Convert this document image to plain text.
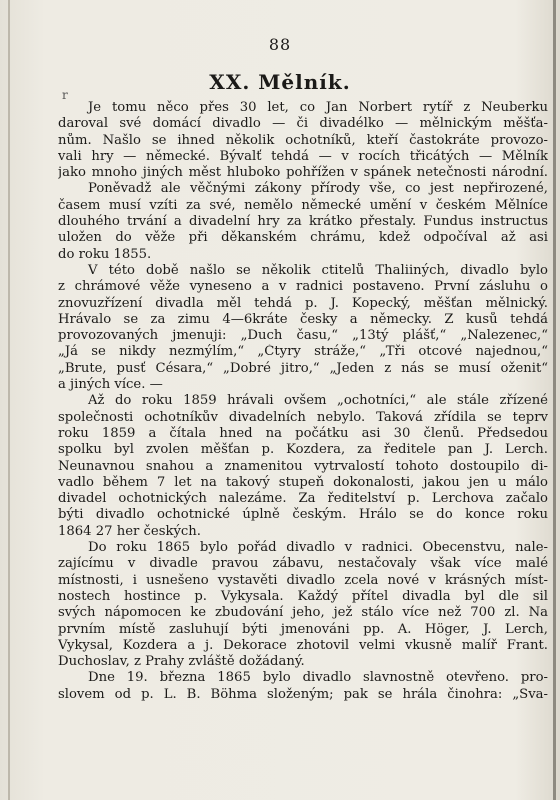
88
r
XX. Mělník.
Je tomu něco přes 30 let, co Jan Norbert rytíř z Neuberku
daroval své domácí divadlo — či divadélko — mělnickým měšťa-
nům. Našlo se ihned několik ochotníků, kteří častokráte provozo-
vali hry — německé. Bývalť tehdá — v rocích třicátých — Mělník
jako mnoho jiných měst hluboko pohřížen v spánek netečnosti národní.
Poněvadž ale věčnými zákony přírody vše, co jest nepřirozené,
časem musí vzíti za své, nemělo německé umění v českém Mělníce
dlouhého trvání a divadelní hry za krátko přestaly. Fundus instructus
uložen do věže při děkanském chrámu, kdež odpočíval až asi
do roku 1855.
V této době našlo se několik ctitelů Thaliiných, divadlo bylo
z chrámové věže vyneseno a v radnici postaveno. První zásluhu o
znovuzřízení divadla měl tehdá p. J. Kopecký, měšťan mělnický.
Hrávalo se za zimu 4—6kráte česky a německy. Z kusů tehdá
provozovaných jmenuji: „Duch času,“ „13tý plášť,“ „Nalezenec,“
„Já se nikdy nezmýlím,“ „Čtyry stráže,“ „Tři otcové najednou,“
„Brute, pusť Césara,“ „Dobré jitro,“ „Jeden z nás se musí oženit“
a jiných více. —
Až do roku 1859 hrávali ovšem „ochotníci,“ ale stále zřízené
společnosti ochotníkův divadelních nebylo. Taková zřídila se teprv
roku 1859 a čítala hned na počátku asi 30 členů. Předsedou
spolku byl zvolen měšťan p. Kozdera, za ředitele pan J. Lerch.
Neunavnou snahou a znamenitou vytrvalostí tohoto dostoupilo di-
vadlo během 7 let na takový stupeň dokonalosti, jakou jen u málo
divadel ochotnických nalezáme. Za ředitelství p. Lerchova začalo
býti divadlo ochotnické úplně českým. Hrálo se do konce roku
1864 27 her českých.
Do roku 1865 bylo pořád divadlo v radnici. Obecenstvu, nale-
zajícímu v divadle pravou zábavu, nestačovaly však více malé
místnosti, i usnešeno vystavěti divadlo zcela nové v krásných míst-
nostech hostince p. Vykysala. Každý přítel divadla byl dle sil
svých nápomocen ke zbudování jeho, jež stálo více než 700 zl. Na
prvním místě zasluhují býti jmenováni pp. A. Höger, J. Lerch,
Vykysal, Kozdera a j. Dekorace zhotovil velmi vkusně malíř Frant.
Duchoslav, z Prahy zvláště dožádaný.
Dne 19. března 1865 bylo divadlo slavnostně otevřeno. pro-
slovem od p. L. B. Böhma složeným; pak se hrála činohra: „Sva-
